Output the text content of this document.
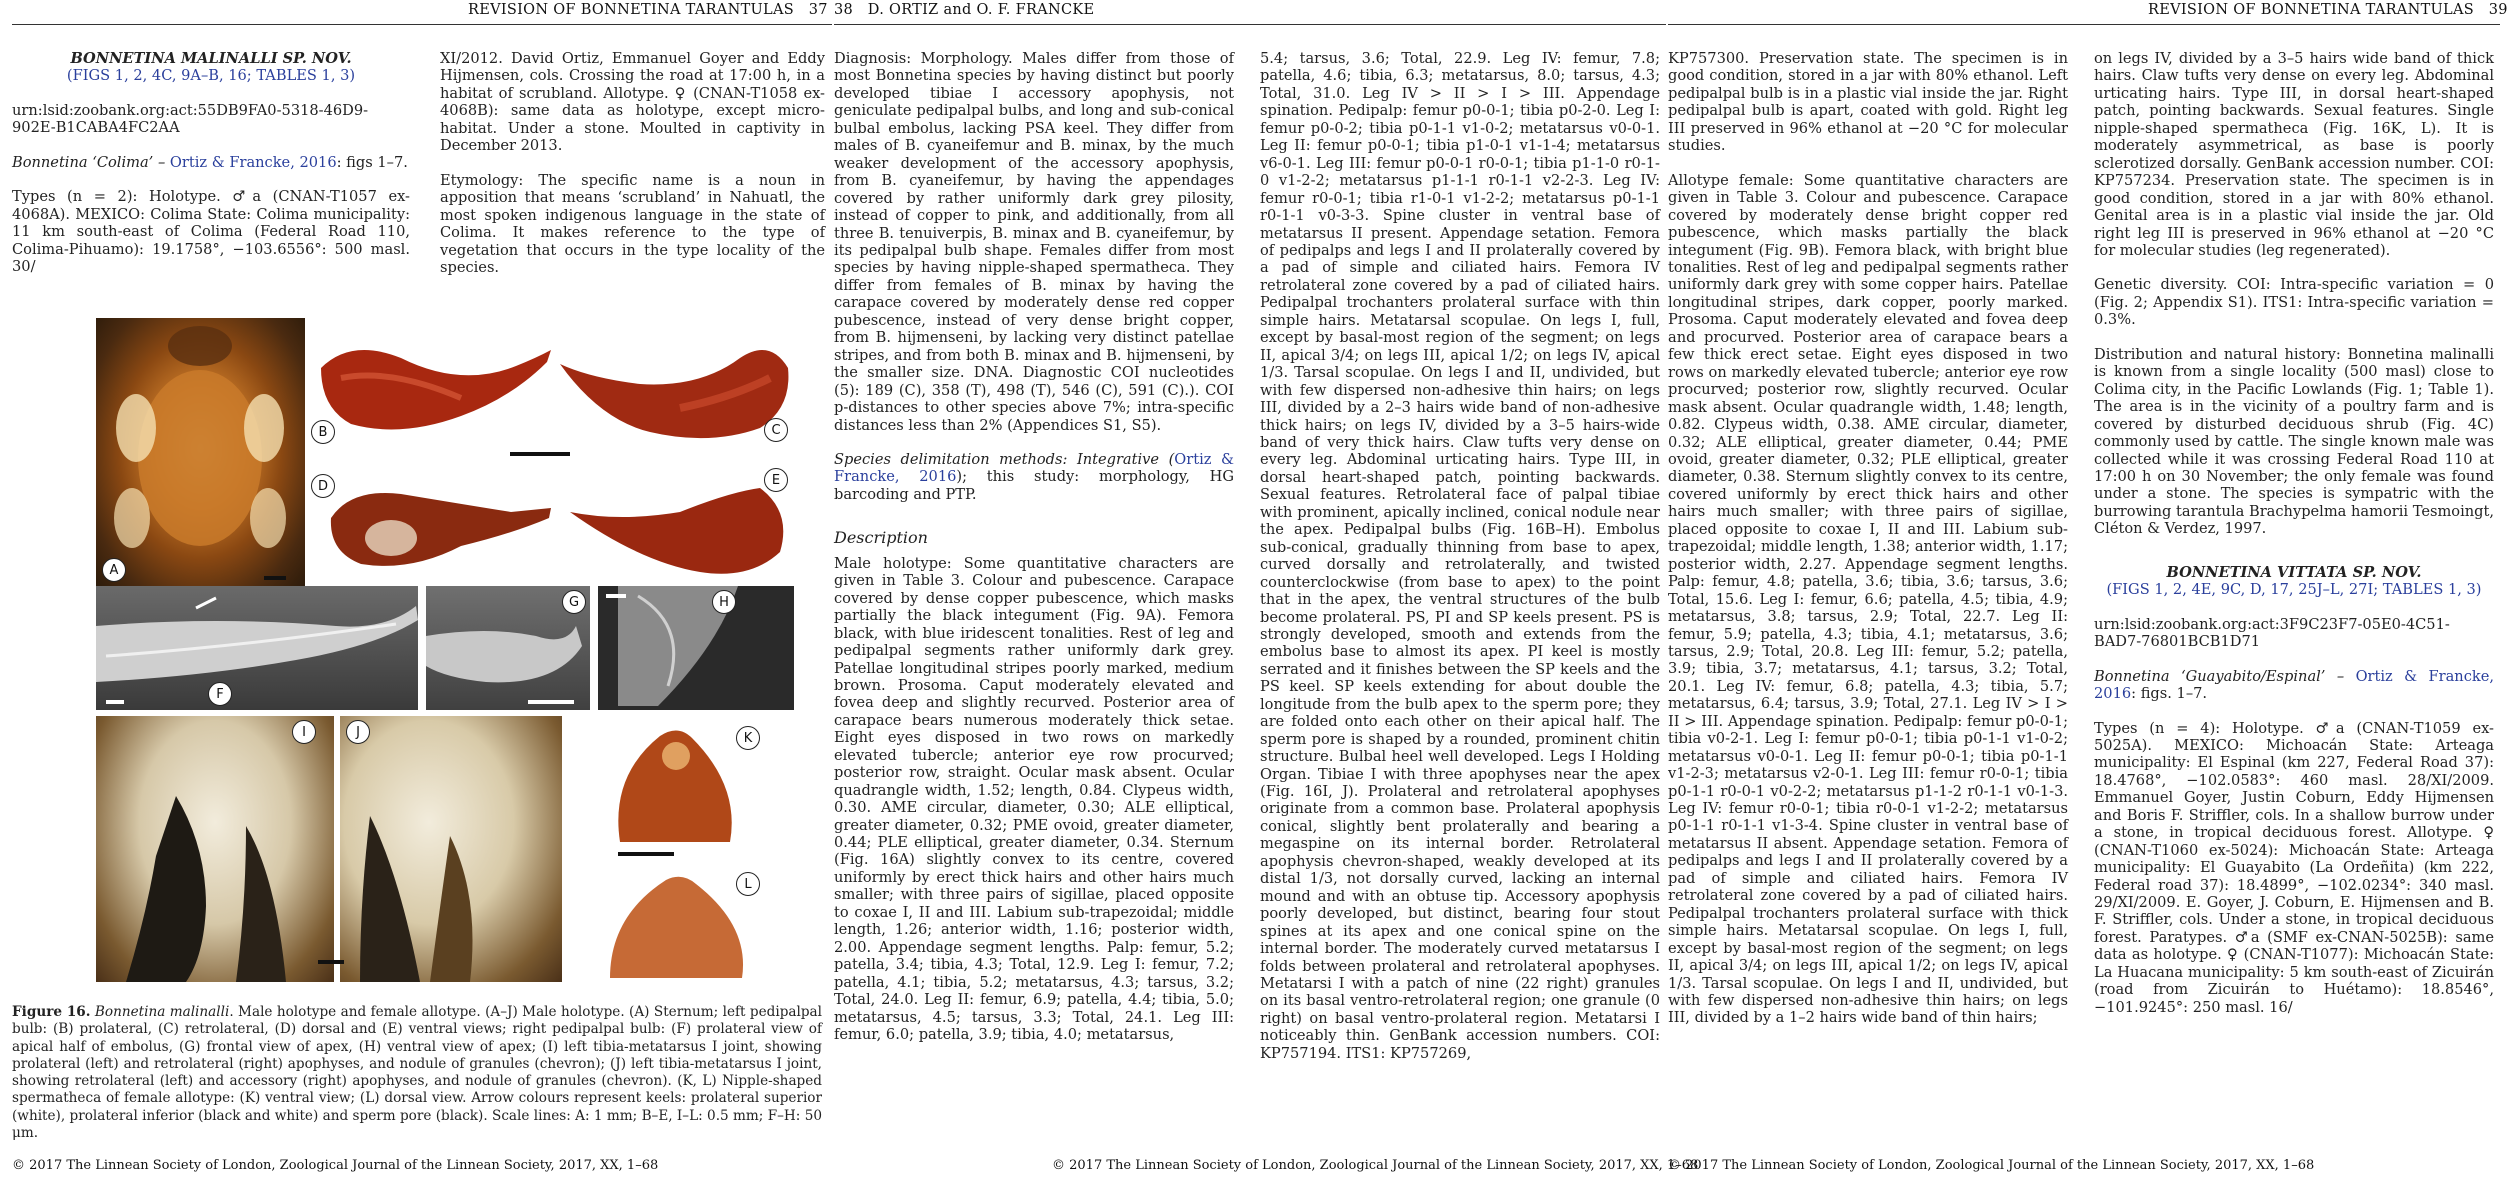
REVISION OF BONNETINA TARANTULAS 37

BONNETINA MALINALLI SP. NOV.

(FIGS 1, 2, 4C, 9A–B, 16; TABLES 1, 3)

urn:lsid:zoobank.org:act:55DB9FA0-5318-46D9-902E-B1CABA4FC2AA

Bonnetina ‘Colima’ – Ortiz & Francke, 2016: figs 1–7.

Types (n = 2): Holotype. ♂a (CNAN-T1057 ex-4068A). MEXICO: Colima State: Colima municipality: 11 km south-east of Colima (Federal Road 110, Colima-Pihuamo): 19.1758°, −103.6556°: 500 masl. 30/

XI/2012. David Ortiz, Emmanuel Goyer and Eddy Hijmensen, cols. Crossing the road at 17:00 h, in a habitat of scrubland. Allotype. ♀ (CNAN-T1058 ex-4068B): same data as holotype, except micro-habitat. Under a stone. Moulted in captivity in December 2013.

Etymology: The specific name is a noun in apposition that means ‘scrubland’ in Nahuatl, the most spoken indigenous language in the state of Colima. It makes reference to the type of vegetation that occurs in the type locality of the species.

A
B	C
D	E
F
G	H
I	J	K
L
Figure 16. Bonnetina malinalli. Male holotype and female allotype. (A–J) Male holotype. (A) Sternum; left pedipalpal bulb: (B) prolateral, (C) retrolateral, (D) dorsal and (E) ventral views; right pedipalpal bulb: (F) prolateral view of apical half of embolus, (G) frontal view of apex, (H) ventral view of apex; (I) left tibia-metatarsus I joint, showing prolateral (left) and retrolateral (right) apophyses, and nodule of granules (chevron); (J) left tibia-metatarsus I joint, showing retrolateral (left) and accessory (right) apophyses, and nodule of granules (chevron). (K, L) Nipple-shaped spermatheca of female allotype: (K) ventral view; (L) dorsal view. Arrow colours represent keels: prolateral superior (white), prolateral inferior (black and white) and sperm pore (black). Scale lines: A: 1 mm; B–E, I–L: 0.5 mm; F–H: 50 μm.
© 2017 The Linnean Society of London, Zoological Journal of the Linnean Society, 2017, XX, 1–68
38 D. ORTIZ and O. F. FRANCKE

Diagnosis: Morphology. Males differ from those of most Bonnetina species by having distinct but poorly developed tibiae I accessory apophysis, not geniculate pedipalpal bulbs, and long and sub-conical bulbal embolus, lacking PSA keel. They differ from males of B. cyaneifemur and B. minax, by the much weaker development of the accessory apophysis, from B. cyaneifemur, by having the appendages covered by rather uniformly dark grey pilosity, instead of copper to pink, and additionally, from all three B. tenuiverpis, B. minax and B. cyaneifemur, by its pedipalpal bulb shape. Females differ from most species by having nipple-shaped spermatheca. They differ from females of B. minax by having the carapace covered by moderately dense red copper pubescence, instead of very dense bright copper, from B. hijmenseni, by lacking very distinct patellae stripes, and from both B. minax and B. hijmenseni, by the smaller size. DNA. Diagnostic COI nucleotides (5): 189 (C), 358 (T), 498 (T), 546 (C), 591 (C).). COI p-distances to other species above 7%; intra-specific distances less than 2% (Appendices S1, S5).

Species delimitation methods: Integrative (Ortiz & Francke, 2016); this study: morphology, HG barcoding and PTP.

Description

Male holotype: Some quantitative characters are given in Table 3. Colour and pubescence. Carapace covered by dense copper pubescence, which masks partially the black integument (Fig. 9A). Femora black, with blue iridescent tonalities. Rest of leg and pedipalpal segments rather uniformly dark grey. Patellae longitudinal stripes poorly marked, medium brown. Prosoma. Caput moderately elevated and fovea deep and slightly recurved. Posterior area of carapace bears numerous moderately thick setae. Eight eyes disposed in two rows on markedly elevated tubercle; anterior eye row procurved; posterior row, straight. Ocular mask absent. Ocular quadrangle width, 1.52; length, 0.84. Clypeus width, 0.30. AME circular, diameter, 0.30; ALE elliptical, greater diameter, 0.32; PME ovoid, greater diameter, 0.44; PLE elliptical, greater diameter, 0.34. Sternum (Fig. 16A) slightly convex to its centre, covered uniformly by erect thick hairs and other hairs much smaller; with three pairs of sigillae, placed opposite to coxae I, II and III. Labium sub-trapezoidal; middle length, 1.26; anterior width, 1.16; posterior width, 2.00. Appendage segment lengths. Palp: femur, 5.2; patella, 3.4; tibia, 4.3; Total, 12.9. Leg I: femur, 7.2; patella, 4.1; tibia, 5.2; metatarsus, 4.3; tarsus, 3.2; Total, 24.0. Leg II: femur, 6.9; patella, 4.4; tibia, 5.0; metatarsus, 4.5; tarsus, 3.3; Total, 24.1. Leg III: femur, 6.0; patella, 3.9; tibia, 4.0; metatarsus,

5.4; tarsus, 3.6; Total, 22.9. Leg IV: femur, 7.8; patella, 4.6; tibia, 6.3; metatarsus, 8.0; tarsus, 4.3; Total, 31.0. Leg IV > II > I > III. Appendage spination. Pedipalp: femur p0-0-1; tibia p0-2-0. Leg I: femur p0-0-2; tibia p0-1-1 v1-0-2; metatarsus v0-0-1. Leg II: femur p0-0-1; tibia p1-0-1 v1-1-4; metatarsus v6-0-1. Leg III: femur p0-0-1 r0-0-1; tibia p1-1-0 r0-1-0 v1-2-2; metatarsus p1-1-1 r0-1-1 v2-2-3. Leg IV: femur r0-0-1; tibia r1-0-1 v1-2-2; metatarsus p0-1-1 r0-1-1 v0-3-3. Spine cluster in ventral base of metatarsus II present. Appendage setation. Femora of pedipalps and legs I and II prolaterally covered by a pad of simple and ciliated hairs. Femora IV retrolateral zone covered by a pad of ciliated hairs. Pedipalpal trochanters prolateral surface with thin simple hairs. Metatarsal scopulae. On legs I, full, except by basal-most region of the segment; on legs II, apical 3/4; on legs III, apical 1/2; on legs IV, apical 1/3. Tarsal scopulae. On legs I and II, undivided, but with few dispersed non-adhesive thin hairs; on legs III, divided by a 2–3 hairs wide band of non-adhesive thick hairs; on legs IV, divided by a 3–5 hairs-wide band of very thick hairs. Claw tufts very dense on every leg. Abdominal urticating hairs. Type III, in dorsal heart-shaped patch, pointing backwards. Sexual features. Retrolateral face of palpal tibiae with prominent, apically inclined, conical nodule near the apex. Pedipalpal bulbs (Fig. 16B–H). Embolus sub-conical, gradually thinning from base to apex, curved dorsally and retrolaterally, and twisted counterclockwise (from base to apex) to the point that in the apex, the ventral structures of the bulb become prolateral. PS, PI and SP keels present. PS is strongly developed, smooth and extends from the embolus base to almost its apex. PI keel is mostly serrated and it finishes between the SP keels and the PS keel. SP keels extending for about double the longitude from the bulb apex to the sperm pore; they are folded onto each other on their apical half. The sperm pore is shaped by a rounded, prominent chitin structure. Bulbal heel well developed. Legs I Holding Organ. Tibiae I with three apophyses near the apex (Fig. 16I, J). Prolateral and retrolateral apophyses originate from a common base. Prolateral apophysis conical, slightly bent prolaterally and bearing a megaspine on its internal border. Retrolateral apophysis chevron-shaped, weakly developed at its distal 1/3, not dorsally curved, lacking an internal mound and with an obtuse tip. Accessory apophysis poorly developed, but distinct, bearing four stout spines at its apex and one conical spine on the internal border. The moderately curved metatarsus I folds between prolateral and retrolateral apophyses. Metatarsi I with a patch of nine (22 right) granules on its basal ventro-retrolateral region; one granule (0 right) on basal ventro-prolateral region. Metatarsi I noticeably thin. GenBank accession numbers. COI: KP757194. ITS1: KP757269,

© 2017 The Linnean Society of London, Zoological Journal of the Linnean Society, 2017, XX, 1–68
REVISION OF BONNETINA TARANTULAS 39

KP757300. Preservation state. The specimen is in good condition, stored in a jar with 80% ethanol. Left pedipalpal bulb is in a plastic vial inside the jar. Right pedipalpal bulb is apart, coated with gold. Right leg III preserved in 96% ethanol at −20 °C for molecular studies.

Allotype female: Some quantitative characters are given in Table 3. Colour and pubescence. Carapace covered by moderately dense bright copper red pubescence, which masks partially the black integument (Fig. 9B). Femora black, with bright blue tonalities. Rest of leg and pedipalpal segments rather uniformly dark grey with some copper hairs. Patellae longitudinal stripes, dark copper, poorly marked. Prosoma. Caput moderately elevated and fovea deep and procurved. Posterior area of carapace bears a few thick erect setae. Eight eyes disposed in two rows on markedly elevated tubercle; anterior eye row procurved; posterior row, slightly recurved. Ocular mask absent. Ocular quadrangle width, 1.48; length, 0.82. Clypeus width, 0.38. AME circular, diameter, 0.32; ALE elliptical, greater diameter, 0.44; PME ovoid, greater diameter, 0.32; PLE elliptical, greater diameter, 0.38. Sternum slightly convex to its centre, covered uniformly by erect thick hairs and other hairs much smaller; with three pairs of sigillae, placed opposite to coxae I, II and III. Labium sub-trapezoidal; middle length, 1.38; anterior width, 1.17; posterior width, 2.27. Appendage segment lengths. Palp: femur, 4.8; patella, 3.6; tibia, 3.6; tarsus, 3.6; Total, 15.6. Leg I: femur, 6.6; patella, 4.5; tibia, 4.9; metatarsus, 3.8; tarsus, 2.9; Total, 22.7. Leg II: femur, 5.9; patella, 4.3; tibia, 4.1; metatarsus, 3.6; tarsus, 2.9; Total, 20.8. Leg III: femur, 5.2; patella, 3.9; tibia, 3.7; metatarsus, 4.1; tarsus, 3.2; Total, 20.1. Leg IV: femur, 6.8; patella, 4.3; tibia, 5.7; metatarsus, 6.4; tarsus, 3.9; Total, 27.1. Leg IV > I > II > III. Appendage spination. Pedipalp: femur p0-0-1; tibia v0-2-1. Leg I: femur p0-0-1; tibia p0-1-1 v1-0-2; metatarsus v0-0-1. Leg II: femur p0-0-1; tibia p0-1-1 v1-2-3; metatarsus v2-0-1. Leg III: femur r0-0-1; tibia p0-1-1 r0-0-1 v0-2-2; metatarsus p1-1-2 r0-1-1 v0-1-3. Leg IV: femur r0-0-1; tibia r0-0-1 v1-2-2; metatarsus p0-1-1 r0-1-1 v1-3-4. Spine cluster in ventral base of metatarsus II absent. Appendage setation. Femora of pedipalps and legs I and II prolaterally covered by a pad of simple and ciliated hairs. Femora IV retrolateral zone covered by a pad of ciliated hairs. Pedipalpal trochanters prolateral surface with thick simple hairs. Metatarsal scopulae. On legs I, full, except by basal-most region of the segment; on legs II, apical 3/4; on legs III, apical 1/2; on legs IV, apical 1/3. Tarsal scopulae. On legs I and II, undivided, but with few dispersed non-adhesive thin hairs; on legs III, divided by a 1–2 hairs wide band of thin hairs;

on legs IV, divided by a 3–5 hairs wide band of thick hairs. Claw tufts very dense on every leg. Abdominal urticating hairs. Type III, in dorsal heart-shaped patch, pointing backwards. Sexual features. Single nipple-shaped spermatheca (Fig. 16K, L). It is moderately asymmetrical, as base is poorly sclerotized dorsally. GenBank accession number. COI: KP757234. Preservation state. The specimen is in good condition, stored in a jar with 80% ethanol. Genital area is in a plastic vial inside the jar. Old right leg III is preserved in 96% ethanol at −20 °C for molecular studies (leg regenerated).

Genetic diversity. COI: Intra-specific variation = 0 (Fig. 2; Appendix S1). ITS1: Intra-specific variation = 0.3%.

Distribution and natural history: Bonnetina malinalli is known from a single locality (500 masl) close to Colima city, in the Pacific Lowlands (Fig. 1; Table 1). The area is in the vicinity of a poultry farm and is covered by disturbed deciduous shrub (Fig. 4C) commonly used by cattle. The single known male was collected while it was crossing Federal Road 110 at 17:00 h on 30 November; the only female was found under a stone. The species is sympatric with the burrowing tarantula Brachypelma hamorii Tesmoingt, Cléton & Verdez, 1997.

BONNETINA VITTATA SP. NOV.

(FIGS 1, 2, 4E, 9C, D, 17, 25J–L, 27I; TABLES 1, 3)

urn:lsid:zoobank.org:act:3F9C23F7-05E0-4C51-BAD7-76801BCB1D71

Bonnetina ‘Guayabito/Espinal’ – Ortiz & Francke, 2016: figs. 1–7.

Types (n = 4): Holotype. ♂a (CNAN-T1059 ex-5025A). MEXICO: Michoacán State: Arteaga municipality: El Espinal (km 227, Federal Road 37): 18.4768°, −102.0583°: 460 masl. 28/XI/2009. Emmanuel Goyer, Justin Coburn, Eddy Hijmensen and Boris F. Striffler, cols. In a shallow burrow under a stone, in tropical deciduous forest. Allotype. ♀ (CNAN-T1060 ex-5024): Michoacán State: Arteaga municipality: El Guayabito (La Ordeñita) (km 222, Federal road 37): 18.4899°, −102.0234°: 340 masl. 29/XI/2009. E. Goyer, J. Coburn, E. Hijmensen and B. F. Striffler, cols. Under a stone, in tropical deciduous forest. Paratypes. ♂a (SMF ex-CNAN-5025B): same data as holotype. ♀ (CNAN-T1077): Michoacán State: La Huacana municipality: 5 km south-east of Zicuirán (road from Zicuirán to Huétamo): 18.8546°, −101.9245°: 250 masl. 16/

© 2017 The Linnean Society of London, Zoological Journal of the Linnean Society, 2017, XX, 1–68
